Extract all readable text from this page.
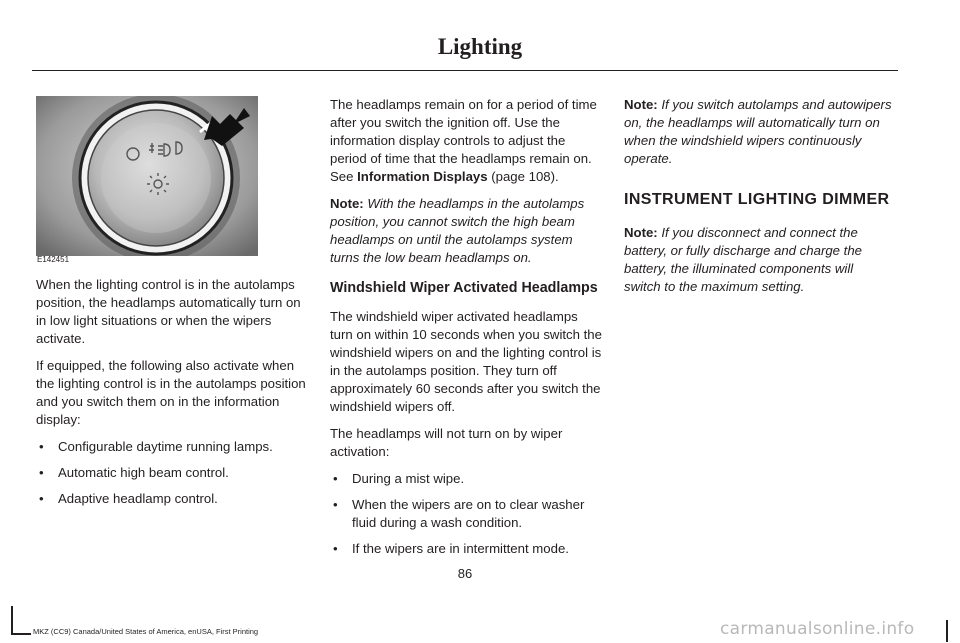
Lighting
E142451

When the lighting control is in the autolamps position, the headlamps automatically turn on in low light situations or when the wipers activate.

If equipped, the following also activate when the lighting control is in the autolamps position and you switch them on in the information display:

• Configurable daytime running lamps.
• Automatic high beam control.
• Adaptive headlamp control.

The headlamps remain on for a period of time after you switch the ignition off. Use the information display controls to adjust the period of time that the headlamps remain on. See Information Displays (page 108).

Note: With the headlamps in the autolamps position, you cannot switch the high beam headlamps on until the autolamps system turns the low beam headlamps on.

Windshield Wiper Activated Headlamps

The windshield wiper activated headlamps turn on within 10 seconds when you switch the windshield wipers on and the lighting control is in the autolamps position. They turn off approximately 60 seconds after you switch the windshield wipers off.

The headlamps will not turn on by wiper activation:

• During a mist wipe.
• When the wipers are on to clear washer fluid during a wash condition.
• If the wipers are in intermittent mode.

Note: If you switch autolamps and autowipers on, the headlamps will automatically turn on when the windshield wipers continuously operate.

INSTRUMENT LIGHTING DIMMER

Note: If you disconnect and connect the battery, or fully discharge and charge the battery, the illuminated components will switch to the maximum setting.

86
MKZ (CC9) Canada/United States of America, enUSA, First Printing	carmanualsonline.info
